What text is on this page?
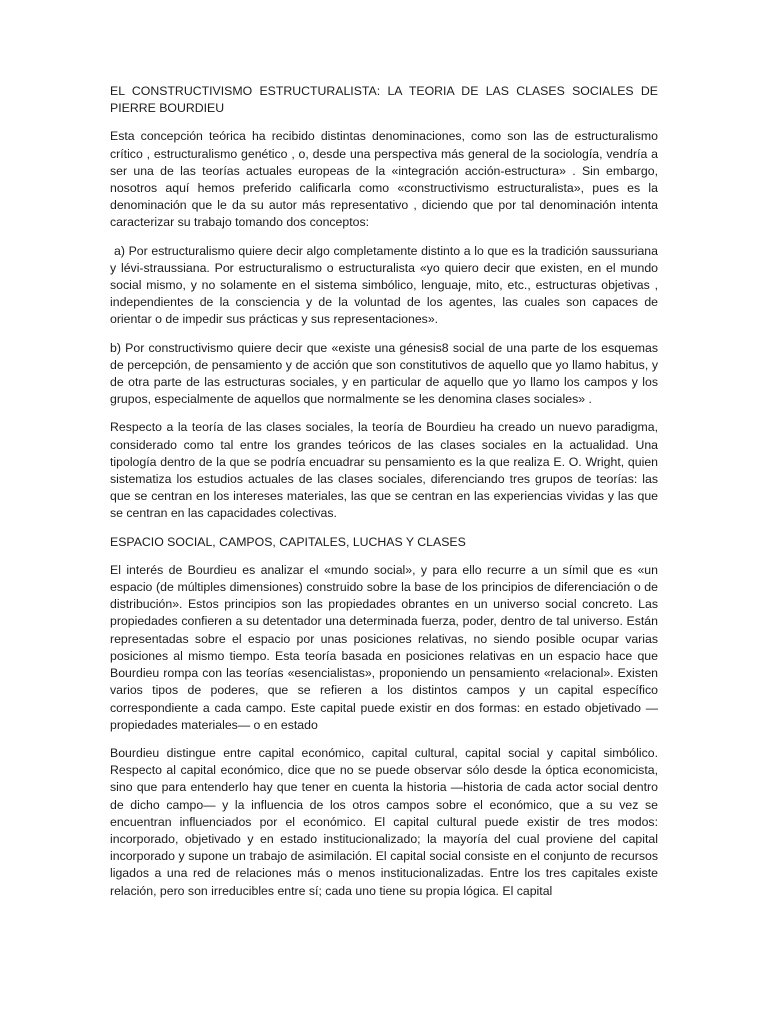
EL CONSTRUCTIVISMO ESTRUCTURALISTA: LA TEORIA DE LAS CLASES SOCIALES DE PIERRE BOURDIEU

Esta concepción teórica ha recibido distintas denominaciones, como son las de estructuralismo crítico , estructuralismo genético , o, desde una perspectiva más general de la sociología, vendría a ser una de las teorías actuales europeas de la «integración acción-estructura» . Sin embargo, nosotros aquí hemos preferido calificarla como «constructivismo estructuralista», pues es la denominación que le da su autor más representativo , diciendo que por tal denominación intenta caracterizar su trabajo tomando dos conceptos:

a) Por estructuralismo quiere decir algo completamente distinto a lo que es la tradición saussuriana y lévi-straussiana. Por estructuralismo o estructuralista «yo quiero decir que existen, en el mundo social mismo, y no solamente en el sistema simbólico, lenguaje, mito, etc., estructuras objetivas , independientes de la consciencia y de la voluntad de los agentes, las cuales son capaces de orientar o de impedir sus prácticas y sus representaciones».

b) Por constructivismo quiere decir que «existe una génesis8 social de una parte de los esquemas de percepción, de pensamiento y de acción que son constitutivos de aquello que yo llamo habitus, y de otra parte de las estructuras sociales, y en particular de aquello que yo llamo los campos y los grupos, especialmente de aquellos que normalmente se les denomina clases sociales» .

Respecto a la teoría de las clases sociales, la teoría de Bourdieu ha creado un nuevo paradigma, considerado como tal entre los grandes teóricos de las clases sociales en la actualidad. Una tipología dentro de la que se podría encuadrar su pensamiento es la que realiza E. O. Wright, quien sistematiza los estudios actuales de las clases sociales, diferenciando tres grupos de teorías: las que se centran en los intereses materiales, las que se centran en las experiencias vividas y las que se centran en las capacidades colectivas.

ESPACIO SOCIAL, CAMPOS, CAPITALES, LUCHAS Y CLASES

El interés de Bourdieu es analizar el «mundo social», y para ello recurre a un símil que es «un espacio (de múltiples dimensiones) construido sobre la base de los principios de diferenciación o de distribución». Estos principios son las propiedades obrantes en un universo social concreto. Las propiedades confieren a su detentador una determinada fuerza, poder, dentro de tal universo. Están representadas sobre el espacio por unas posiciones relativas, no siendo posible ocupar varias posiciones al mismo tiempo. Esta teoría basada en posiciones relativas en un espacio hace que Bourdieu rompa con las teorías «esencialistas», proponiendo un pensamiento «relacional». Existen varios tipos de poderes, que se refieren a los distintos campos y un capital específico correspondiente a cada campo. Este capital puede existir en dos formas: en estado objetivado —propiedades materiales— o en estado

Bourdieu distingue entre capital económico, capital cultural, capital social y capital simbólico. Respecto al capital económico, dice que no se puede observar sólo desde la óptica economicista, sino que para entenderlo hay que tener en cuenta la historia —historia de cada actor social dentro de dicho campo— y la influencia de los otros campos sobre el económico, que a su vez se encuentran influenciados por el económico. El capital cultural puede existir de tres modos: incorporado, objetivado y en estado institucionalizado; la mayoría del cual proviene del capital incorporado y supone un trabajo de asimilación. El capital social consiste en el conjunto de recursos ligados a una red de relaciones más o menos institucionalizadas. Entre los tres capitales existe relación, pero son irreducibles entre sí; cada uno tiene su propia lógica. El capital
